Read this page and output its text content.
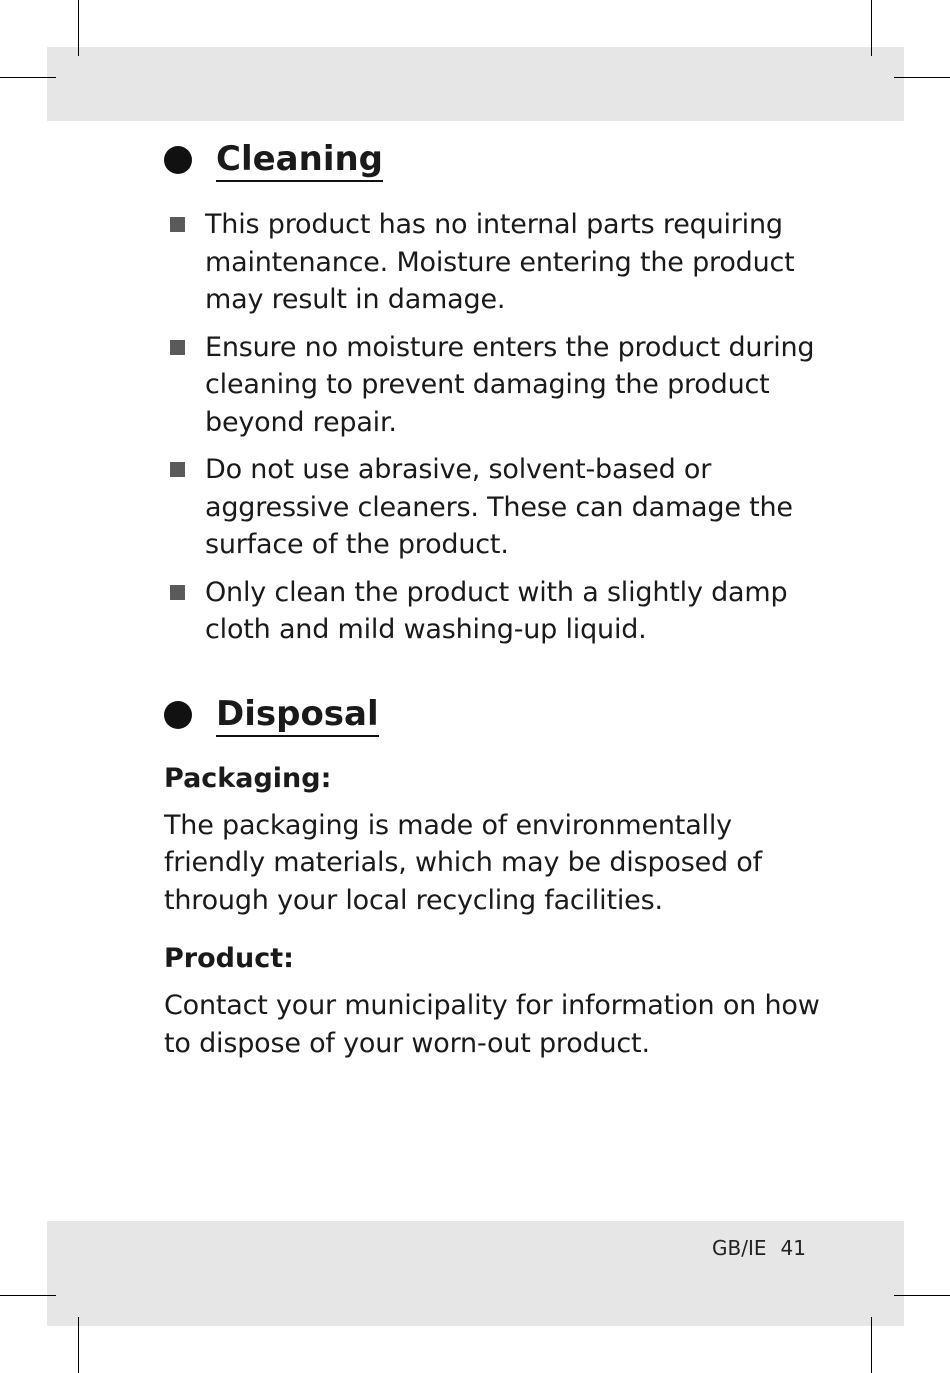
Cleaning
This product has no internal parts requiring maintenance. Moisture entering the product may result in damage.
Ensure no moisture enters the product during cleaning to prevent damaging the product beyond repair.
Do not use abrasive, solvent-based or aggressive cleaners. These can damage the surface of the product.
Only clean the product with a slightly damp cloth and mild washing-up liquid.
Disposal

Packaging:

The packaging is made of environmentally friendly materials, which may be disposed of through your local recycling facilities.

Product:

Contact your municipality for information on how to dispose of your worn-out product.

GB/IE 41
